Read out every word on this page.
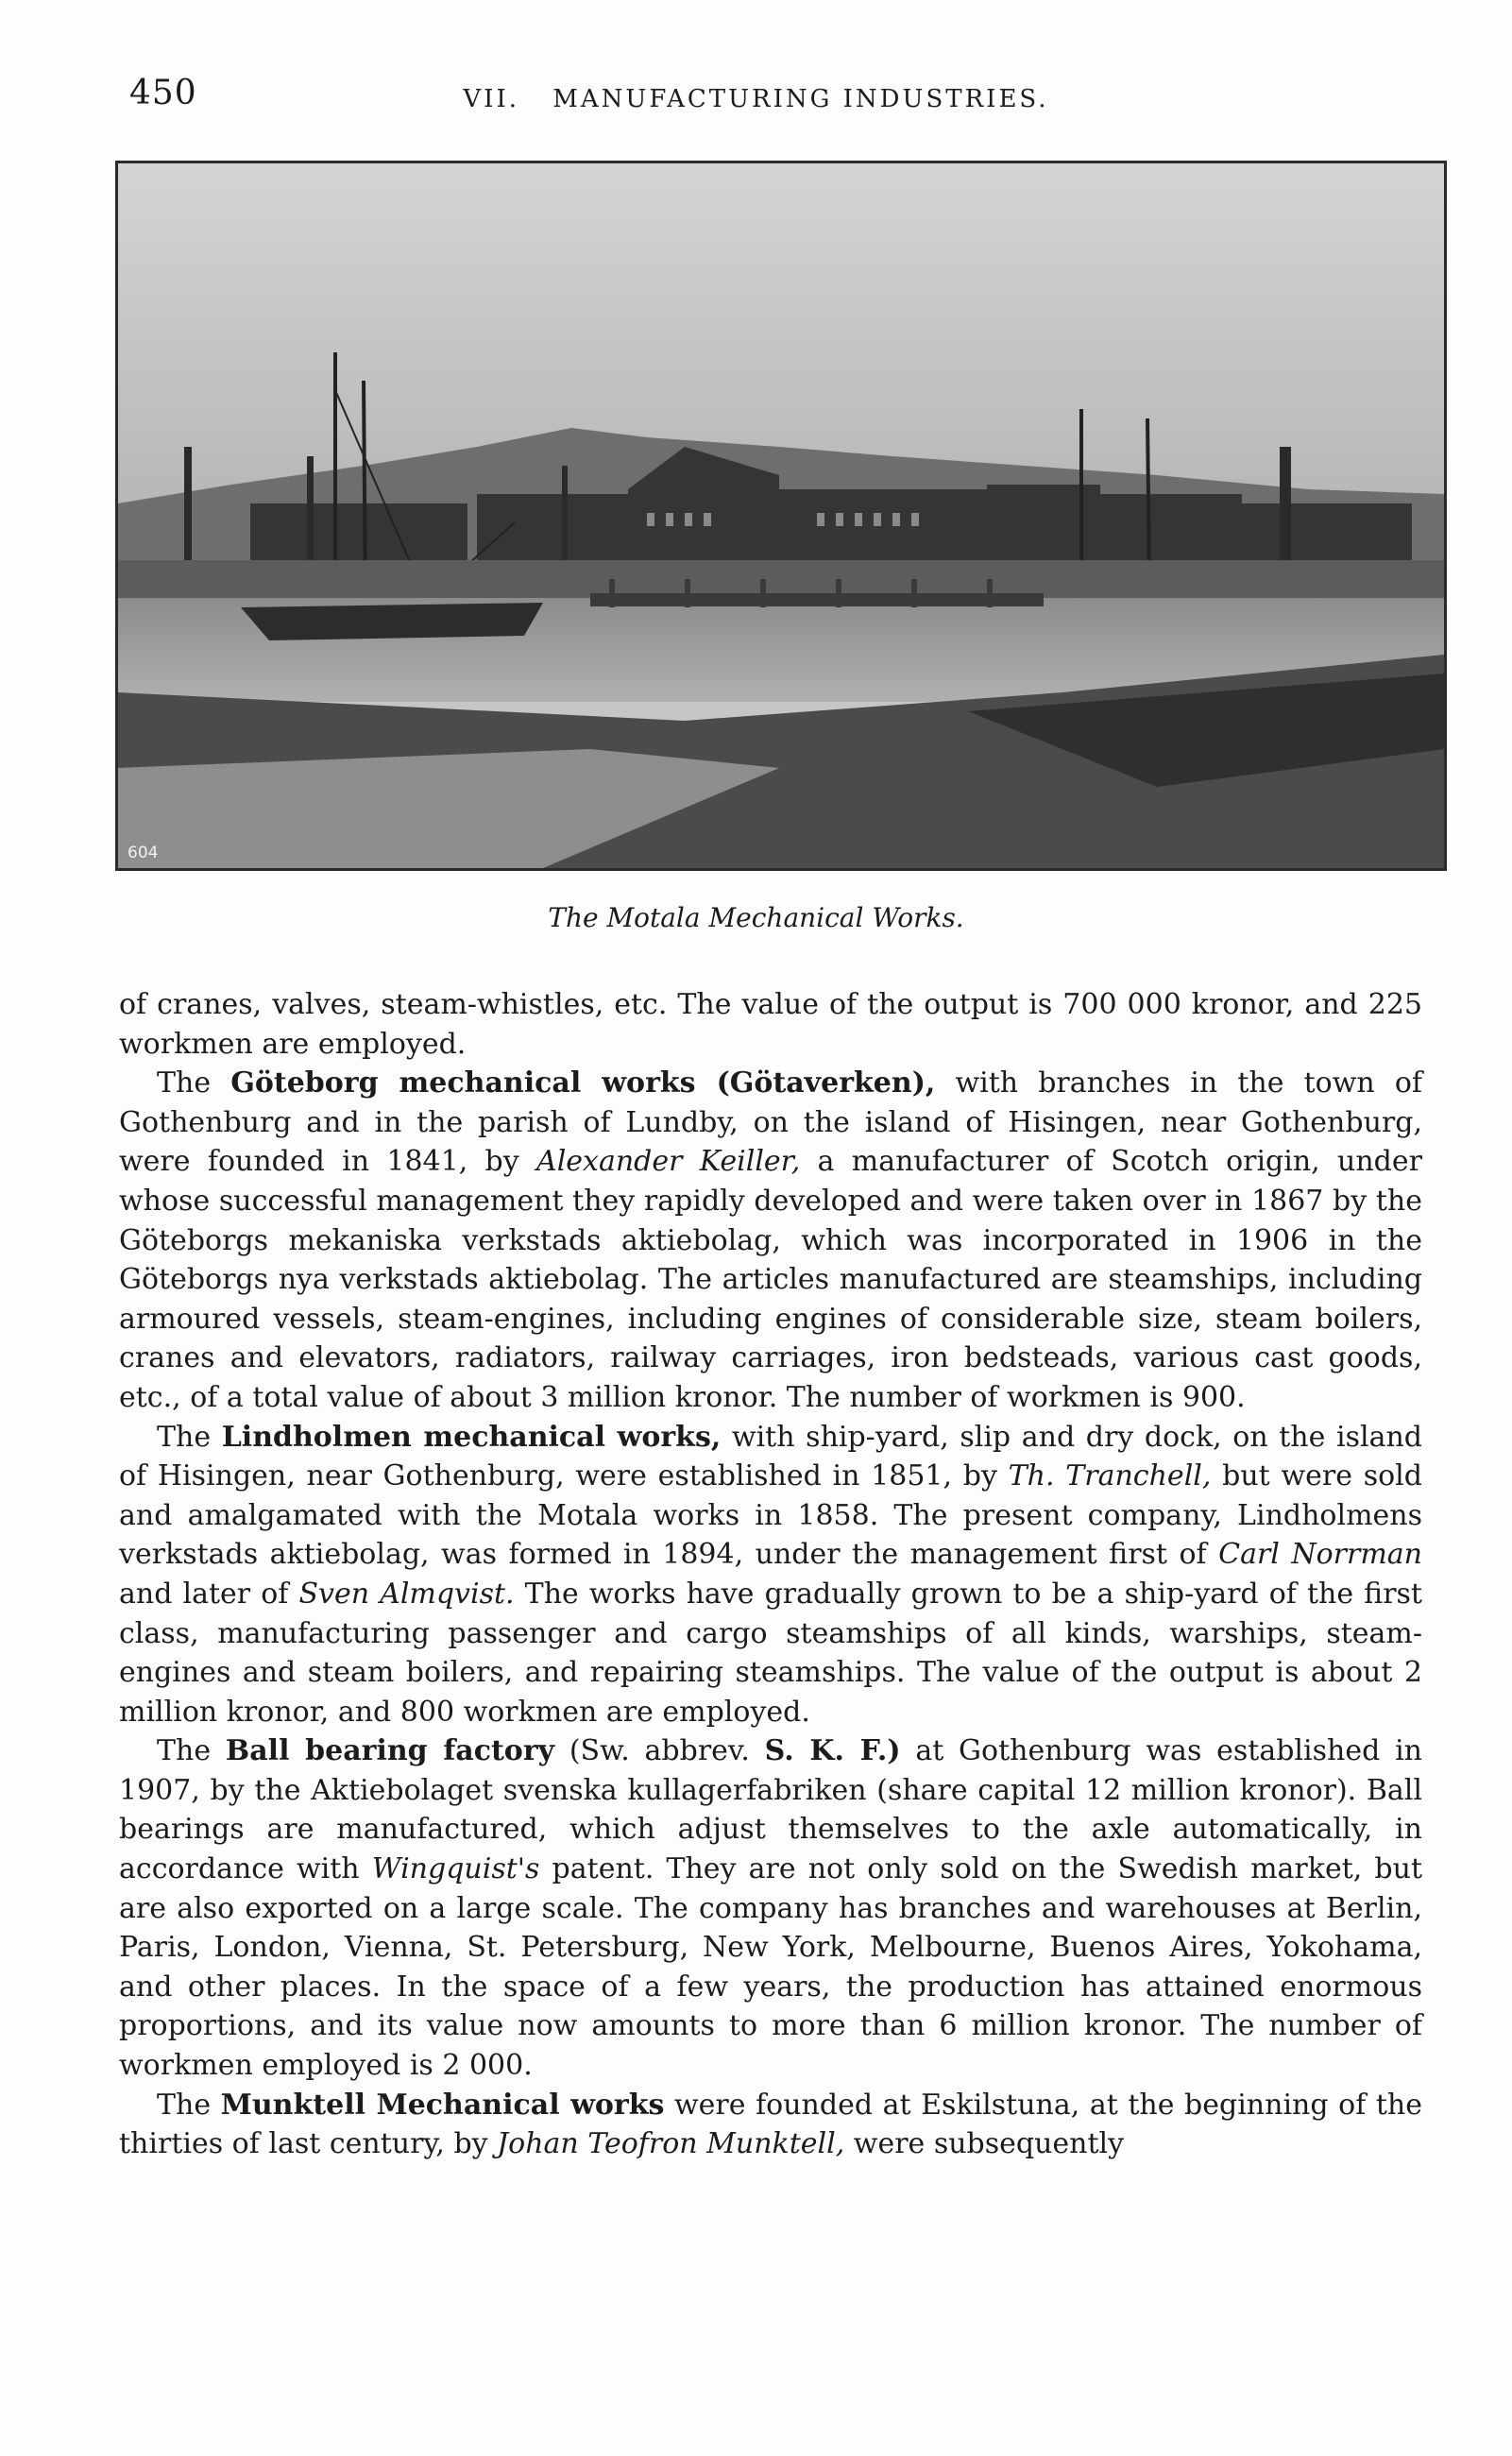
450	VII. MANUFACTURING INDUSTRIES.
604
The Motala Mechanical Works.

of cranes, valves, steam-whistles, etc. The value of the output is 700 000 kronor, and 225 workmen are employed.

The Göteborg mechanical works (Götaverken), with branches in the town of Gothenburg and in the parish of Lundby, on the island of Hisingen, near Gothenburg, were founded in 1841, by Alexander Keiller, a manufacturer of Scotch origin, under whose successful management they rapidly developed and were taken over in 1867 by the Göteborgs mekaniska verkstads aktiebolag, which was incorporated in 1906 in the Göteborgs nya verkstads aktiebolag. The articles manufactured are steamships, including armoured vessels, steam-engines, including engines of considerable size, steam boilers, cranes and elevators, radiators, railway carriages, iron bedsteads, various cast goods, etc., of a total value of about 3 million kronor. The number of workmen is 900.

The Lindholmen mechanical works, with ship-yard, slip and dry dock, on the island of Hisingen, near Gothenburg, were established in 1851, by Th. Tranchell, but were sold and amalgamated with the Motala works in 1858. The present company, Lindholmens verkstads aktiebolag, was formed in 1894, under the management first of Carl Norrman and later of Sven Almqvist. The works have gradually grown to be a ship-yard of the first class, manufacturing passenger and cargo steamships of all kinds, warships, steam-engines and steam boilers, and repairing steamships. The value of the output is about 2 million kronor, and 800 workmen are employed.

The Ball bearing factory (Sw. abbrev. S. K. F.) at Gothenburg was established in 1907, by the Aktiebolaget svenska kullagerfabriken (share capital 12 million kronor). Ball bearings are manufactured, which adjust themselves to the axle automatically, in accordance with Wingquist's patent. They are not only sold on the Swedish market, but are also exported on a large scale. The company has branches and warehouses at Berlin, Paris, London, Vienna, St. Petersburg, New York, Melbourne, Buenos Aires, Yokohama, and other places. In the space of a few years, the production has attained enormous proportions, and its value now amounts to more than 6 million kronor. The number of workmen employed is 2 000.

The Munktell Mechanical works were founded at Eskilstuna, at the beginning of the thirties of last century, by Johan Teofron Munktell, were subsequently
